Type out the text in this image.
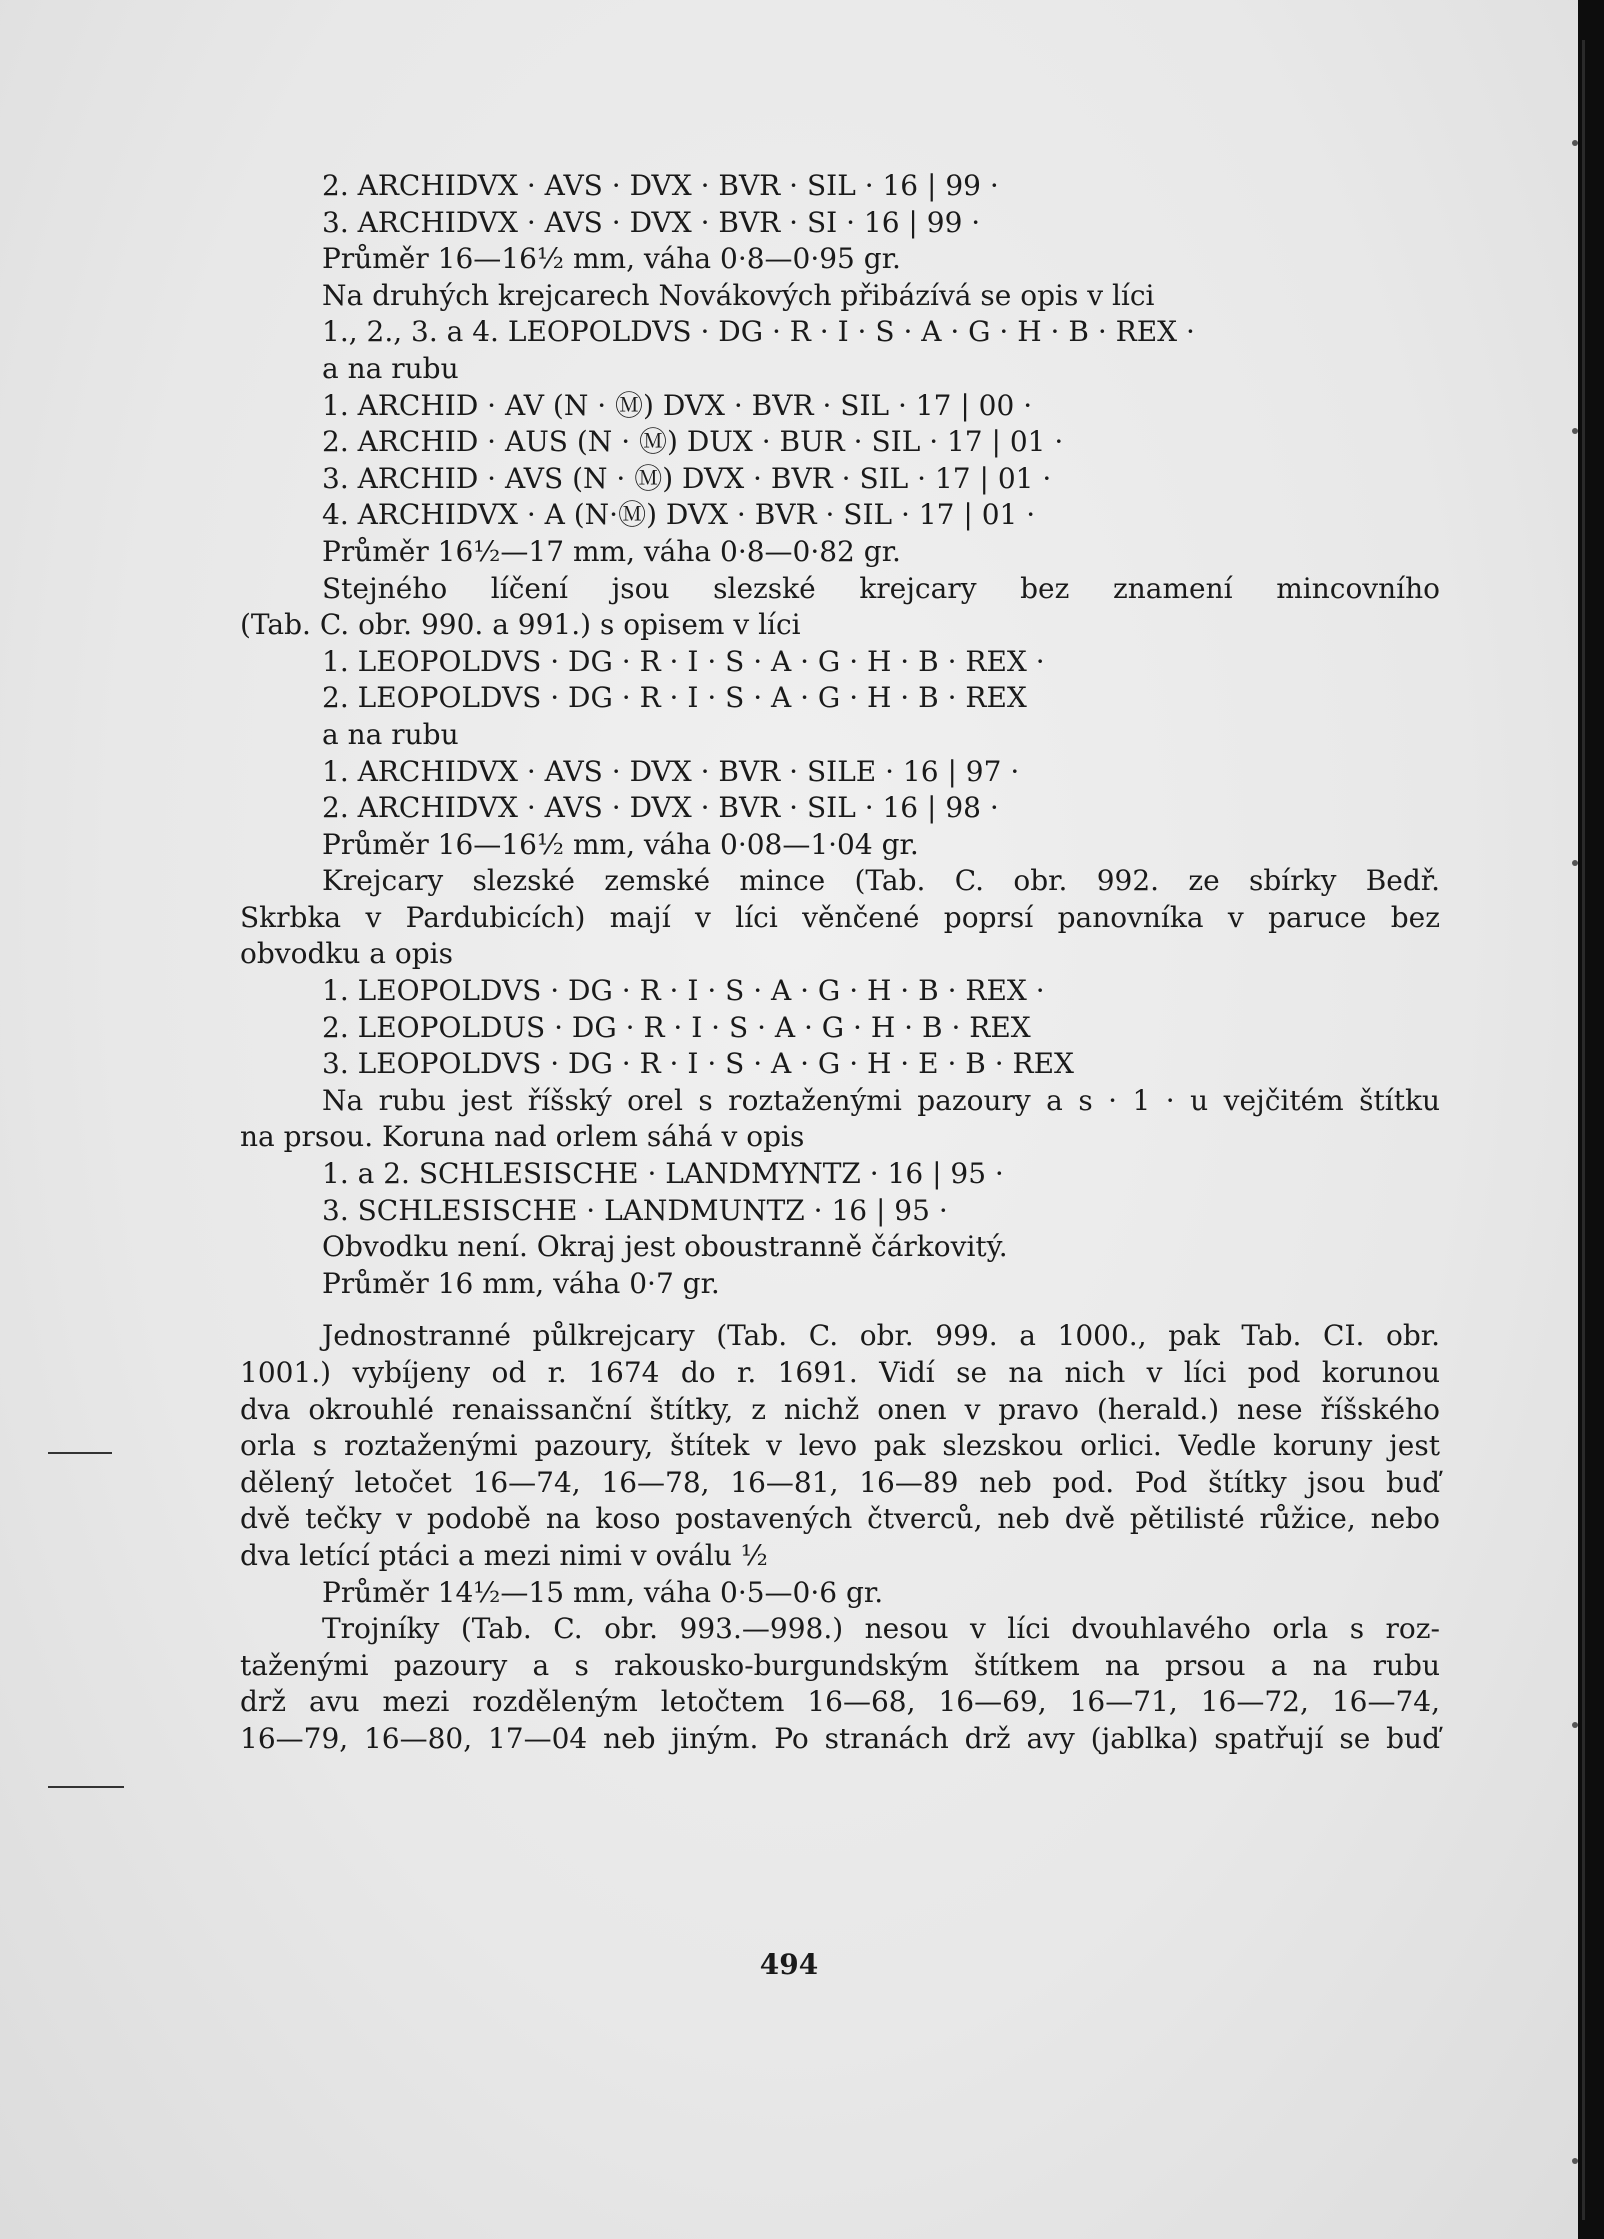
2. ARCHIDVX · AVS · DVX · BVR · SIL · 16 | 99 ·
3. ARCHIDVX · AVS · DVX · BVR · SI · 16 | 99 ·
Průměr 16—16½ mm, váha 0·8—0·95 gr.
Na druhých krejcarech Novákových přibázívá se opis v líci
1., 2., 3. a 4. LEOPOLDVS · DG · R · I · S · A · G · H · B · REX ·
a na rubu
1. ARCHID · AV (N · Ⓜ) DVX · BVR · SIL · 17 | 00 ·
2. ARCHID · AUS (N · Ⓜ) DUX · BUR · SIL · 17 | 01 ·
3. ARCHID · AVS (N · Ⓜ) DVX · BVR · SIL · 17 | 01 ·
4. ARCHIDVX · A (N·Ⓜ) DVX · BVR · SIL · 17 | 01 ·
Průměr 16½—17 mm, váha 0·8—0·82 gr.
Stejného líčení jsou slezské krejcary bez znamení mincovního
(Tab. C. obr. 990. a 991.) s opisem v líci
1. LEOPOLDVS · DG · R · I · S · A · G · H · B · REX ·
2. LEOPOLDVS · DG · R · I · S · A · G · H · B · REX
a na rubu
1. ARCHIDVX · AVS · DVX · BVR · SILE · 16 | 97 ·
2. ARCHIDVX · AVS · DVX · BVR · SIL · 16 | 98 ·
Průměr 16—16½ mm, váha 0·08—1·04 gr.
Krejcary slezské zemské mince (Tab. C. obr. 992. ze sbírky Bedř.
Skrbka v Pardubicích) mají v líci věnčené poprsí panovníka v paruce bez
obvodku a opis
1. LEOPOLDVS · DG · R · I · S · A · G · H · B · REX ·
2. LEOPOLDUS · DG · R · I · S · A · G · H · B · REX
3. LEOPOLDVS · DG · R · I · S · A · G · H · E · B · REX
Na rubu jest říšský orel s roztaženými pazoury a s · 1 · u vejčitém štítku
na prsou. Koruna nad orlem sáhá v opis
1. a 2. SCHLESISCHE · LANDMYNTZ · 16 | 95 ·
3. SCHLESISCHE · LANDMUNTZ · 16 | 95 ·
Obvodku není. Okraj jest oboustranně čárkovitý.
Průměr 16 mm, váha 0·7 gr.
Jednostranné půlkrejcary (Tab. C. obr. 999. a 1000., pak Tab. CI. obr.
1001.) vybíjeny od r. 1674 do r. 1691. Vidí se na nich v líci pod korunou
dva okrouhlé renaissanční štítky, z nichž onen v pravo (herald.) nese říšského
orla s roztaženými pazoury, štítek v levo pak slezskou orlici. Vedle koruny jest
dělený letočet 16—74, 16—78, 16—81, 16—89 neb pod. Pod štítky jsou buď
dvě tečky v podobě na koso postavených čtverců, neb dvě pětilisté růžice, nebo
dva letící ptáci a mezi nimi v oválu ½
Průměr 14½—15 mm, váha 0·5—0·6 gr.
Trojníky (Tab. C. obr. 993.—998.) nesou v líci dvouhlavého orla s roz-
taženými pazoury a s rakousko-burgundským štítkem na prsou a na rubu
drž avu mezi rozděleným letočtem 16—68, 16—69, 16—71, 16—72, 16—74,
16—79, 16—80, 17—04 neb jiným. Po stranách drž avy (jablka) spatřují se buď
494
